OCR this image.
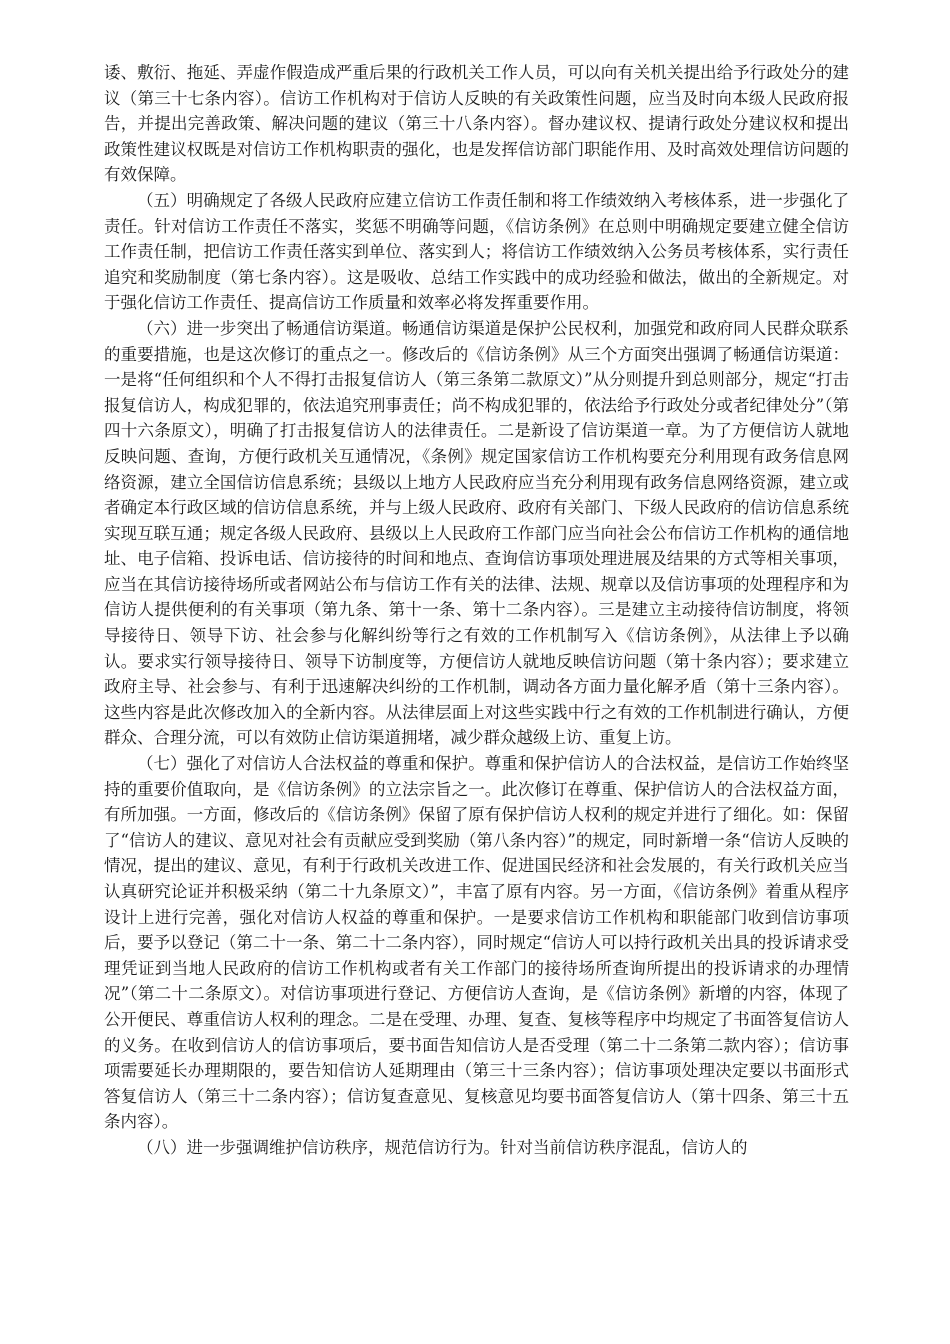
诿、敷衍、拖延、弄虚作假造成严重后果的行政机关工作人员，可以向有关机关提出给予行政处分的建议（第三十七条内容）。信访工作机构对于信访人反映的有关政策性问题，应当及时向本级人民政府报告，并提出完善政策、解决问题的建议（第三十八条内容）。督办建议权、提请行政处分建议权和提出政策性建议权既是对信访工作机构职责的强化，也是发挥信访部门职能作用、及时高效处理信访问题的有效保障。

（五）明确规定了各级人民政府应建立信访工作责任制和将工作绩效纳入考核体系，进一步强化了责任。针对信访工作责任不落实，奖惩不明确等问题，《信访条例》在总则中明确规定要建立健全信访工作责任制，把信访工作责任落实到单位、落实到人；将信访工作绩效纳入公务员考核体系，实行责任追究和奖励制度（第七条内容）。这是吸收、总结工作实践中的成功经验和做法，做出的全新规定。对于强化信访工作责任、提高信访工作质量和效率必将发挥重要作用。

（六）进一步突出了畅通信访渠道。畅通信访渠道是保护公民权利，加强党和政府同人民群众联系的重要措施，也是这次修订的重点之一。修改后的《信访条例》从三个方面突出强调了畅通信访渠道：一是将“任何组织和个人不得打击报复信访人（第三条第二款原文）”从分则提升到总则部分，规定“打击报复信访人，构成犯罪的，依法追究刑事责任；尚不构成犯罪的，依法给予行政处分或者纪律处分”（第四十六条原文），明确了打击报复信访人的法律责任。二是新设了信访渠道一章。为了方便信访人就地反映问题、查询，方便行政机关互通情况，《条例》规定国家信访工作机构要充分利用现有政务信息网络资源，建立全国信访信息系统；县级以上地方人民政府应当充分利用现有政务信息网络资源，建立或者确定本行政区域的信访信息系统，并与上级人民政府、政府有关部门、下级人民政府的信访信息系统实现互联互通；规定各级人民政府、县级以上人民政府工作部门应当向社会公布信访工作机构的通信地址、电子信箱、投诉电话、信访接待的时间和地点、查询信访事项处理进展及结果的方式等相关事项，应当在其信访接待场所或者网站公布与信访工作有关的法律、法规、规章以及信访事项的处理程序和为信访人提供便利的有关事项（第九条、第十一条、第十二条内容）。三是建立主动接待信访制度，将领导接待日、领导下访、社会参与化解纠纷等行之有效的工作机制写入《信访条例》，从法律上予以确认。要求实行领导接待日、领导下访制度等，方便信访人就地反映信访问题（第十条内容）；要求建立政府主导、社会参与、有利于迅速解决纠纷的工作机制，调动各方面力量化解矛盾（第十三条内容）。这些内容是此次修改加入的全新内容。从法律层面上对这些实践中行之有效的工作机制进行确认，方便群众、合理分流，可以有效防止信访渠道拥堵，减少群众越级上访、重复上访。

（七）强化了对信访人合法权益的尊重和保护。尊重和保护信访人的合法权益，是信访工作始终坚持的重要价值取向，是《信访条例》的立法宗旨之一。此次修订在尊重、保护信访人的合法权益方面，有所加强。一方面，修改后的《信访条例》保留了原有保护信访人权利的规定并进行了细化。如：保留了“信访人的建议、意见对社会有贡献应受到奖励（第八条内容）”的规定，同时新增一条“信访人反映的情况，提出的建议、意见，有利于行政机关改进工作、促进国民经济和社会发展的，有关行政机关应当认真研究论证并积极采纳（第二十九条原文）”，丰富了原有内容。另一方面，《信访条例》着重从程序设计上进行完善，强化对信访人权益的尊重和保护。一是要求信访工作机构和职能部门收到信访事项后，要予以登记（第二十一条、第二十二条内容），同时规定“信访人可以持行政机关出具的投诉请求受理凭证到当地人民政府的信访工作机构或者有关工作部门的接待场所查询所提出的投诉请求的办理情况”（第二十二条原文）。对信访事项进行登记、方便信访人查询，是《信访条例》新增的内容，体现了公开便民、尊重信访人权利的理念。二是在受理、办理、复查、复核等程序中均规定了书面答复信访人的义务。在收到信访人的信访事项后，要书面告知信访人是否受理（第二十二条第二款内容）；信访事项需要延长办理期限的，要告知信访人延期理由（第三十三条内容）；信访事项处理决定要以书面形式答复信访人（第三十二条内容）；信访复查意见、复核意见均要书面答复信访人（第十四条、第三十五条内容）。

（八）进一步强调维护信访秩序，规范信访行为。针对当前信访秩序混乱，信访人的
